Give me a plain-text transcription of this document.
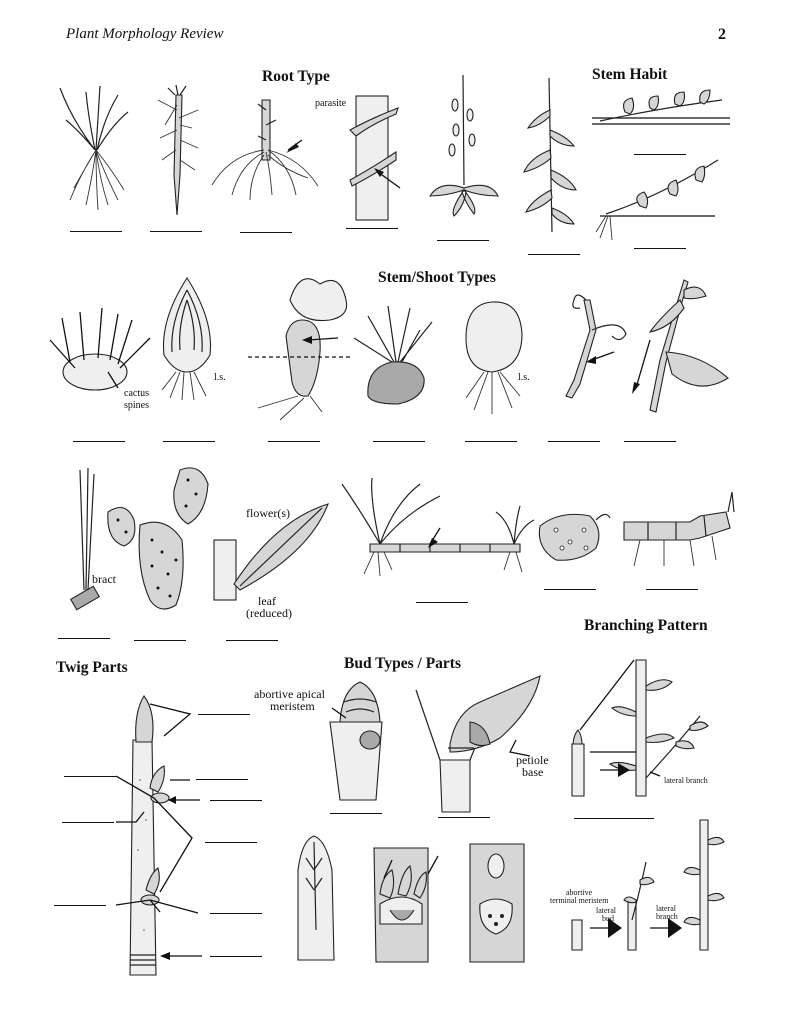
Plant Morphology Review	2
Root Type	Stem Habit
Stem/Shoot Types
Branching Pattern
Twig Parts	Bud Types / Parts
parasite
cactus
spines
l.s.	l.s.
bract
flower(s)
leaf
(reduced)
abortive apical
meristem
petiole
base
lateral branch
abortive
terminal meristem
lateral
bud
lateral
branch
